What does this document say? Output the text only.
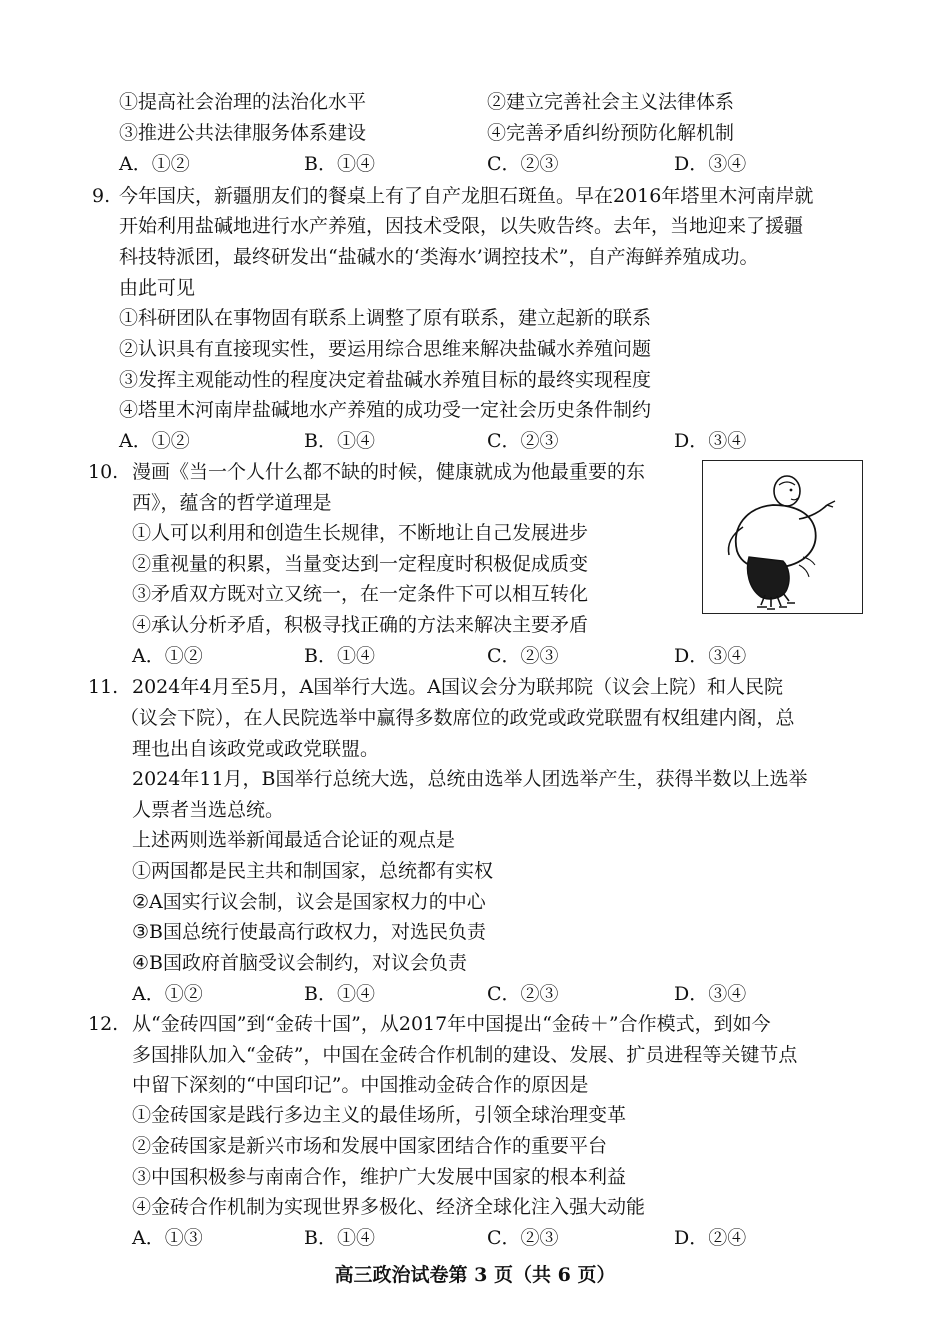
①提高社会治理的法治化水平	②建立完善社会主义法律体系
③推进公共法律服务体系建设	④完善矛盾纠纷预防化解机制
A．①②	B．①④	C．②③	D．③④
9. 今年国庆，新疆朋友们的餐桌上有了自产龙胆石斑鱼。早在2016年塔里木河南岸就
开始利用盐碱地进行水产养殖，因技术受限，以失败告终。去年，当地迎来了援疆
科技特派团，最终研发出“盐碱水的‘类海水’调控技术”，自产海鲜养殖成功。
由此可见
①科研团队在事物固有联系上调整了原有联系，建立起新的联系
②认识具有直接现实性，要运用综合思维来解决盐碱水养殖问题
③发挥主观能动性的程度决定着盐碱水养殖目标的最终实现程度
④塔里木河南岸盐碱地水产养殖的成功受一定社会历史条件制约
A．①②	B．①④	C．②③	D．③④
10. 漫画《当一个人什么都不缺的时候，健康就成为他最重要的东
西》，蕴含的哲学道理是
①人可以利用和创造生长规律，不断地让自己发展进步
②重视量的积累，当量变达到一定程度时积极促成质变
③矛盾双方既对立又统一，在一定条件下可以相互转化
④承认分析矛盾，积极寻找正确的方法来解决主要矛盾
A．①②	B．①④	C．②③	D．③④
11. 2024年4月至5月，A国举行大选。A国议会分为联邦院（议会上院）和人民院
（议会下院），在人民院选举中赢得多数席位的政党或政党联盟有权组建内阁，总
理也出自该政党或政党联盟。
2024年11月，B国举行总统大选，总统由选举人团选举产生，获得半数以上选举
人票者当选总统。
上述两则选举新闻最适合论证的观点是
①两国都是民主共和制国家，总统都有实权
②A国实行议会制，议会是国家权力的中心
③B国总统行使最高行政权力，对选民负责
④B国政府首脑受议会制约，对议会负责
A．①②	B．①④	C．②③	D．③④
12. 从“金砖四国”到“金砖十国”，从2017年中国提出“金砖＋”合作模式，到如今
多国排队加入“金砖”，中国在金砖合作机制的建设、发展、扩员进程等关键节点
中留下深刻的“中国印记”。中国推动金砖合作的原因是
①金砖国家是践行多边主义的最佳场所，引领全球治理变革
②金砖国家是新兴市场和发展中国家团结合作的重要平台
③中国积极参与南南合作，维护广大发展中国家的根本利益
④金砖合作机制为实现世界多极化、经济全球化注入强大动能
A．①③	B．①④	C．②③	D．②④
高三政治试卷第 3 页（共 6 页）
